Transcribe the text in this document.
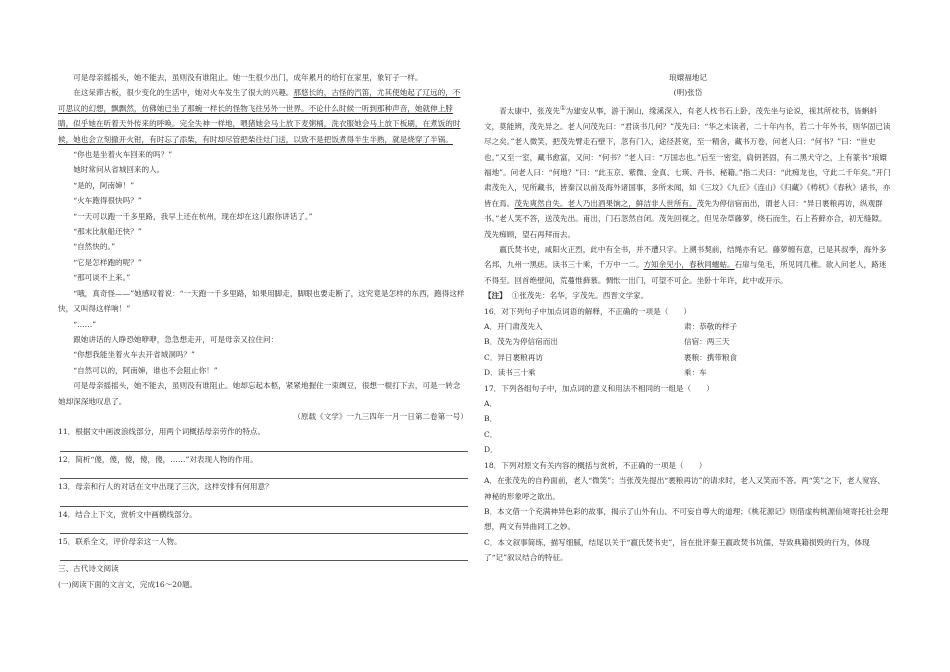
可是母亲摇摇头，她不能去，虽则没有谁阻止。她一生很少出门，成年累月的给钉在家里，象钉子一样。

在这呆滞古板，很少变化的生活中，她对火车发生了很大的兴趣。那悠长的，古怪的汽笛，尤其使她起了辽远的，不可思议的幻想，飘飘然，仿佛她已坐了那蜿一样长的怪物飞往另外一世界。不论什么时候一听到那种声音，她就伸上脖睛，似乎她在听着天外传来的呼唤。完全失神一样地，喂猪她会马上放下麦粥桶，洗衣服她会马上放下板刷，在煮饭的时候，她也会立刻撤开火钳，有时忘了添柴，有时却尽管把柴往灶门送，以致不是把饭煮得半生半熟，就是烧穿了半锅。

“你也是坐着火车回来的吗？”

她时常问从省城回来的人。

“是的，阿南婶！”

“火车跑得很快吗？”

“一天可以跑一千多里路，我早上还在杭州，现在却在这儿跟你讲话了。”

“那末比航船还快？”

“自然快的。”

“它是怎样跑的呢？”

“那可谈不上来。”

“哦，真奇怪——”她感叹着说：“一天跑一千多里路，如果用脚走，脚眼也要走断了，这究竟是怎样的东西，跑得这样快，又叫得这样响！”

“……”

跟她讲话的人睁恐她咿咿，急急想走开，可是母亲又拉住问：

“你想我能坐着火车去开省城洞吗？”

“自然可以的，阿南婶，谁也不会阻止你！”

可是母亲摇摇头，她不能去，虽则没有谁阻止。她却忘起本柩，紧紧地握住一束绸豆，很想一棍打下去，可是一转念她却深深地叹息了。

（原载《文学》一九三四年一月一日第二卷第一号）

11．根据文中画波浪线部分，用两个词概括母亲劳作的特点。
12．简析“傻，傻，傻，傻，傻，……”对表现人物的作用。
13．母亲和行人的对话在文中出现了三次，这样安排有何用意？
14．结合上下文，赏析文中画横线部分。
15．联系全文，评价母亲这一人物。

三、古代诗文阅读

(一)阅读下面的文言文，完成16～20题。

琅嬛福地记

(明)张岱

晋太康中，张茂先①为建安从事，游于洞山，缘溪深入，有老人枕书石上卧，茂先坐与论说，视其所枕书，皆蝌蚪文，莫能辨，茂先异之。老人问茂先曰：“君读书几何？”茂先曰：“华之未读者，二十年内书，若二十年外书，则华固已读尽之矣。”老人微笑，把茂先臂走石壁下，忽有门入，途径甚宽，至一精舍，藏书万卷，问老人曰：“何书？”曰：“世史也。”又至一室，藏书愈富，又问：“何书？”老人曰：“万国志也。”后至一密室，扃钥甚固，有二黑犬守之，上有篆书“琅嬛福地”。问老人曰：“何地？”曰：“此玉京、紫微、金真、七瑛、丹书、秘籍。”指二犬曰：“此痴龙也，守此二千年矣。”开门肃茂先入，见所藏书，皆秦汉以前及海外诸国事，多所未闻，如《三坟》《九丘》《连山》《归藏》《梼杌》《春秋》诸书，亦皆在焉。茂先爽然自失。老人乃出酒果饷之，鲜洁非人世所有。茂先为停信宿而出，谓老人曰：“异日裹粮再访，纵观群书。”老人笑不答，送茂先出。甫出，门石忽然自闭。茂先回视之，但见杂草藤萝，绕石而生，石上苔藓亦合，初无缝隙。茂先痴顾，望石再拜而去。

嬴氏焚书史，咸阳火正烈，此中有全书，并不遭只字。上溯书契前，结绳亦有记。藤萝缠有意，已是其叔季，海外多名邦，九州一黑痣。读书三十乘，千万中一二。方知余见小，春秋同蟪蛄。石扉与兔毛，所见同几稚。欲入问老人，路迷不得至。回首绝壁间，荒蔓惟藓慕。惆怅一出门，可望不可企。坐卧十年许，此中或开示。

【注】 ①张茂先：名华，字茂先。西晋文学家。

16．对下列句子中加点词语的解释，不正确的一项是（　　）

A．开门肃茂先入	肃：恭敬的样子
B．茂先为停信宿而出	信宿：两三天
C．异日裹粮再访	裹粮：携带粮食
D．读书三十乘	乘：车

17．下列各组句子中，加点词的意义和用法不相同的一组是（　　）

A．

B．

C．

D．

18．下列对原文有关内容的概括与赏析，不正确的一项是（　　）

A．在张茂先的自矜面前，老人“微笑”；当张茂先提出“裹粮再访”的请求时，老人又笑而不答。两“笑”之下，老人宽容、神秘的形象呼之欲出。

B．本文借一个充满神异色彩的故事，揭示了山外有山、不可妄自尊大的道理；《桃花源记》则借虚构桃源仙境寄托社会理想，两文有异曲同工之妙。

C．本文叙事简练，描写细腻，结尾以关于“嬴氏焚书史”，旨在批评秦王嬴政焚书坑儒，导致典籍损毁的行为，体现了“记”叙议结合的特征。
